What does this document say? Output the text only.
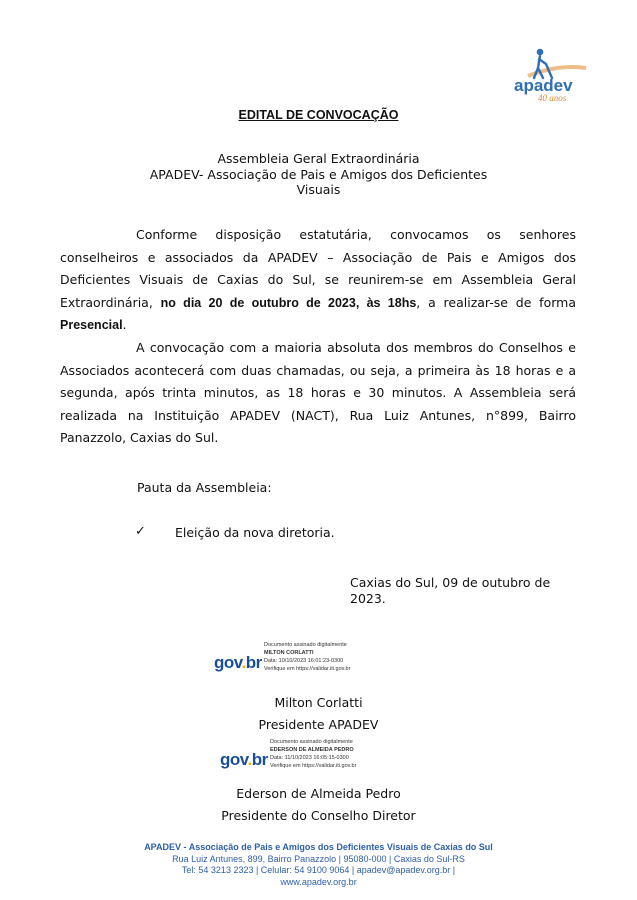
apadev
40 anos
EDITAL DE CONVOCAÇÃO
Assembleia Geral Extraordinária
APADEV- Associação de Pais e Amigos dos Deficientes
Visuais
Conforme disposição estatutária, convocamos os senhores conselheiros e associados da APADEV – Associação de Pais e Amigos dos Deficientes Visuais de Caxias do Sul, se reunirem-se em Assembleia Geral Extraordinária, no dia 20 de outubro de 2023, às 18hs, a realizar-se de forma Presencial.
A convocação com a maioria absoluta dos membros do Conselhos e Associados acontecerá com duas chamadas, ou seja, a primeira às 18 horas e a segunda, após trinta minutos, as 18 horas e 30 minutos. A Assembleia será realizada na Instituição APADEV (NACT), Rua Luiz Antunes, n°899, Bairro Panazzolo, Caxias do Sul.
Pauta da Assembleia:
✓ Eleição da nova diretoria.
Caxias do Sul, 09 de outubro de 2023.
gov.br
Documento assinado digitalmente
MILTON CORLATTI
Data: 10/10/2023 16:01:23-0300
Verifique em https://validar.iti.gov.br
Milton Corlatti
Presidente APADEV
gov.br
Documento assinado digitalmente
EDERSON DE ALMEIDA PEDRO
Data: 11/10/2023 16:05:15-0300
Verifique em https://validar.iti.gov.br
Ederson de Almeida Pedro
Presidente do Conselho Diretor
APADEV - Associação de Pais e Amigos dos Deficientes Visuais de Caxias do Sul
Rua Luiz Antunes, 899, Bairro Panazzolo | 95080-000 | Caxias do Sul-RS
Tel: 54 3213 2323 | Celular: 54 9100 9064 | apadev@apadev.org.br |
www.apadev.org.br
